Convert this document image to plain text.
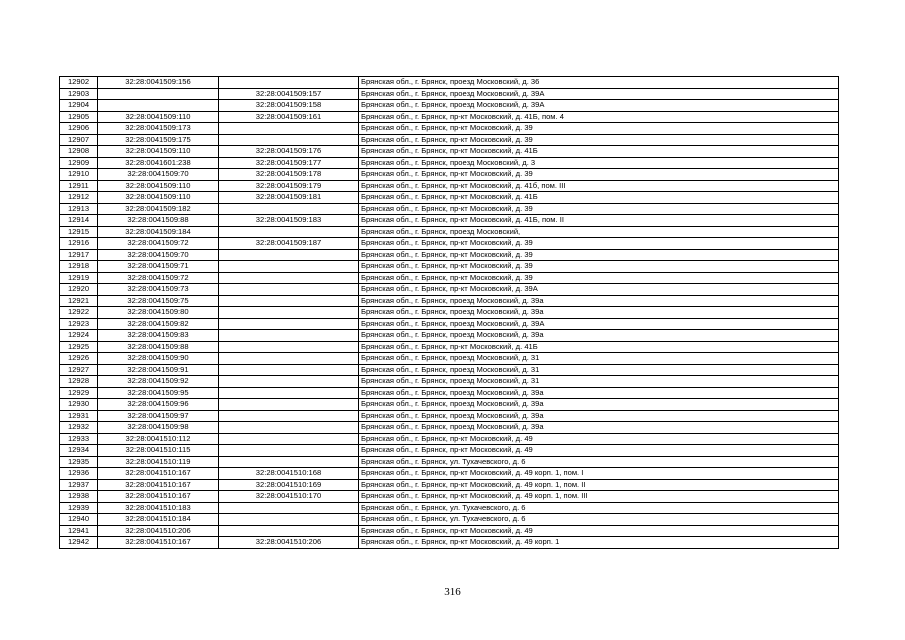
12902	32:28:0041509:156		Брянская обл., г. Брянск, проезд Московский, д. 36
12903		32:28:0041509:157	Брянская обл., г. Брянск, проезд Московский, д. 39А
12904		32:28:0041509:158	Брянская обл., г. Брянск, проезд Московский, д. 39А
12905	32:28:0041509:110	32:28:0041509:161	Брянская обл., г. Брянск, пр-кт Московский, д. 41Б, пом. 4
12906	32:28:0041509:173		Брянская обл., г. Брянск, пр-кт Московский, д. 39
12907	32:28:0041509:175		Брянская обл., г. Брянск, пр-кт Московский, д. 39
12908	32:28:0041509:110	32:28:0041509:176	Брянская обл., г. Брянск, пр-кт Московский, д. 41Б
12909	32:28:0041601:238	32:28:0041509:177	Брянская обл., г. Брянск, проезд Московский, д. 3
12910	32:28:0041509:70	32:28:0041509:178	Брянская обл., г. Брянск, пр-кт Московский, д. 39
12911	32:28:0041509:110	32:28:0041509:179	Брянская обл., г. Брянск, пр-кт Московский, д. 41б, пом. III
12912	32:28:0041509:110	32:28:0041509:181	Брянская обл., г. Брянск, пр-кт Московский, д. 41Б
12913	32:28:0041509:182		Брянская обл., г. Брянск, пр-кт Московский, д. 39
12914	32:28:0041509:88	32:28:0041509:183	Брянская обл., г. Брянск, пр-кт Московский, д. 41Б, пом. II
12915	32:28:0041509:184		Брянская обл., г. Брянск, проезд Московский,
12916	32:28:0041509:72	32:28:0041509:187	Брянская обл., г. Брянск, пр-кт Московский, д. 39
12917	32:28:0041509:70		Брянская обл., г. Брянск, пр-кт Московский, д. 39
12918	32:28:0041509:71		Брянская обл., г. Брянск, пр-кт Московский, д. 39
12919	32:28:0041509:72		Брянская обл., г. Брянск, пр-кт Московский, д. 39
12920	32:28:0041509:73		Брянская обл., г. Брянск, пр-кт Московский, д. 39А
12921	32:28:0041509:75		Брянская обл., г. Брянск, проезд Московский, д. 39а
12922	32:28:0041509:80		Брянская обл., г. Брянск, проезд Московский, д. 39а
12923	32:28:0041509:82		Брянская обл., г. Брянск, проезд Московский, д. 39А
12924	32:28:0041509:83		Брянская обл., г. Брянск, проезд Московский, д. 39а
12925	32:28:0041509:88		Брянская обл., г. Брянск, пр-кт Московский, д. 41Б
12926	32:28:0041509:90		Брянская обл., г. Брянск, проезд Московский, д. 31
12927	32:28:0041509:91		Брянская обл., г. Брянск, проезд Московский, д. 31
12928	32:28:0041509:92		Брянская обл., г. Брянск, проезд Московский, д. 31
12929	32:28:0041509:95		Брянская обл., г. Брянск, проезд Московский, д. 39а
12930	32:28:0041509:96		Брянская обл., г. Брянск, проезд Московский, д. 39а
12931	32:28:0041509:97		Брянская обл., г. Брянск, проезд Московский, д. 39а
12932	32:28:0041509:98		Брянская обл., г. Брянск, проезд Московский, д. 39а
12933	32:28:0041510:112		Брянская обл., г. Брянск, пр-кт Московский, д. 49
12934	32:28:0041510:115		Брянская обл., г. Брянск, пр-кт Московский, д. 49
12935	32:28:0041510:119		Брянская обл., г. Брянск, ул. Тухачевского, д. 6
12936	32:28:0041510:167	32:28:0041510:168	Брянская обл., г. Брянск, пр-кт Московский, д. 49 корп. 1, пом. I
12937	32:28:0041510:167	32:28:0041510:169	Брянская обл., г. Брянск, пр-кт Московский, д. 49 корп. 1, пом. II
12938	32:28:0041510:167	32:28:0041510:170	Брянская обл., г. Брянск, пр-кт Московский, д. 49 корп. 1, пом. III
12939	32:28:0041510:183		Брянская обл., г. Брянск, ул. Тухачевского, д. 6
12940	32:28:0041510:184		Брянская обл., г. Брянск, ул. Тухачевского, д. 6
12941	32:28:0041510:206		Брянская обл., г. Брянск, пр-кт Московский, д. 49
12942	32:28:0041510:167	32:28:0041510:206	Брянская обл., г. Брянск, пр-кт Московский, д. 49 корп. 1
316
